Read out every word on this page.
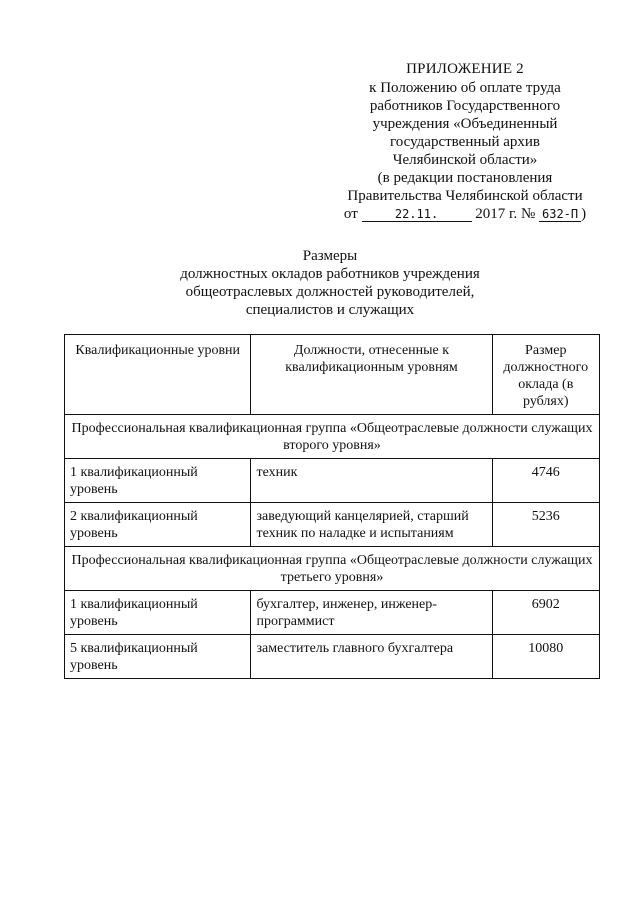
ПРИЛОЖЕНИЕ 2
к Положению об оплате труда
работников Государственного
учреждения «Объединенный
государственный архив
Челябинской области»
(в редакции постановления
Правительства Челябинской области
от	22.11. 2017 г. № 632-П )
Размеры
должностных окладов работников учреждения
общеотраслевых должностей руководителей,
специалистов и служащих
Квалификационные уровни	Должности, отнесенные к квалификационным уровням	Размер должностного оклада (в рублях)
Профессиональная квалификационная группа «Общеотраслевые должности служащих второго уровня»		
1 квалификационный уровень	техник	4746
2 квалификационный уровень	заведующий канцелярией, старший техник по наладке и испытаниям	5236
Профессиональная квалификационная группа «Общеотраслевые должности служащих третьего уровня»		
1 квалификационный уровень	бухгалтер, инженер, инженер-программист	6902
5 квалификационный уровень	заместитель главного бухгалтера	10080
